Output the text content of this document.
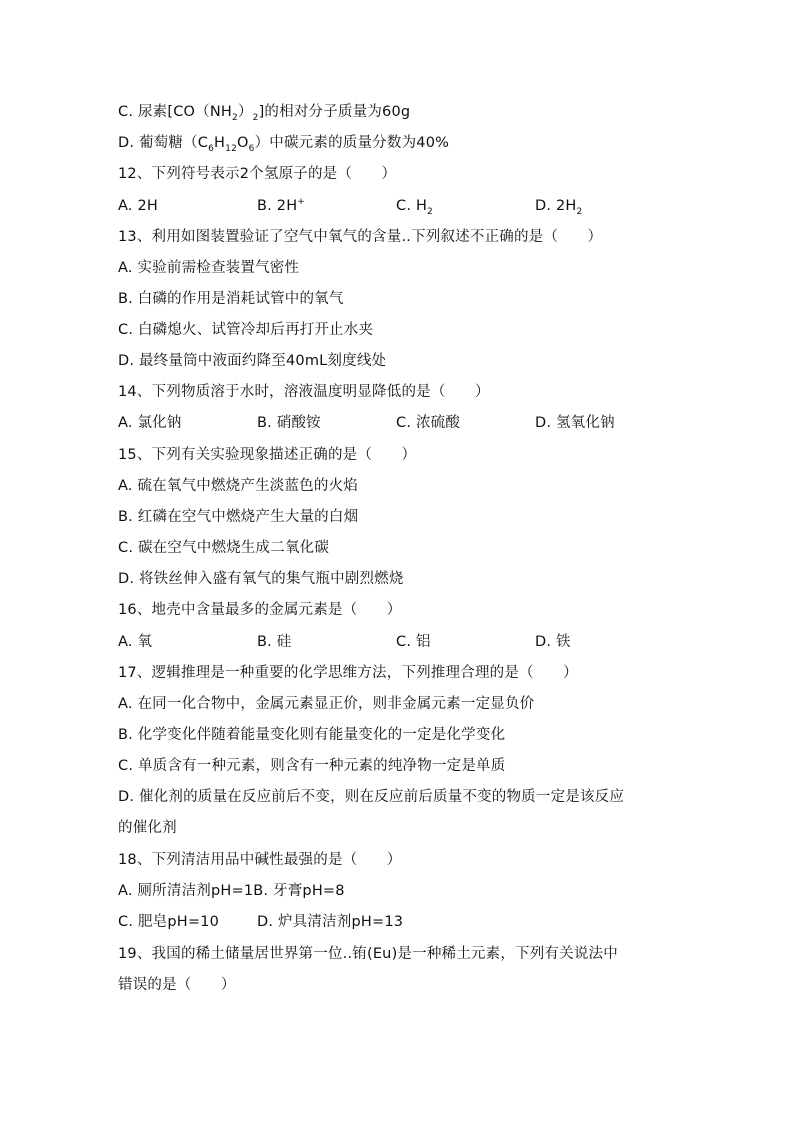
C. 尿素$[CO(NH_2)_2]$的相对分子质量为60g
D. 葡萄糖$(C_6H_{12}O_6)$中碳元素的质量分数为40%
12、下列符号表示2个氢原子的是（　　）
A. 2H	B. 2H+	C. $H_2$	D. $2H_2$
13、利用如图装置验证了空气中氧气的含量..下列叙述不正确的是（　　）
A. 实验前需检查装置气密性
B. 白磷的作用是消耗试管中的氧气
C. 白磷熄火、试管冷却后再打开止水夹
D. 最终量筒中液面约降至40mL刻度线处
14、下列物质溶于水时，溶液温度明显降低的是（　　）
A. 氯化钠	B. 硝酸铵	C. 浓硫酸	D. 氢氧化钠
15、下列有关实验现象描述正确的是（　　）
A. 硫在氧气中燃烧产生淡蓝色的火焰
B. 红磷在空气中燃烧产生大量的白烟
C. 碳在空气中燃烧生成二氧化碳
D. 将铁丝伸入盛有氧气的集气瓶中剧烈燃烧
16、地壳中含量最多的金属元素是（　　）
A. 氧	B. 硅	C. 铝	D. 铁
17、逻辑推理是一种重要的化学思维方法，下列推理合理的是（　　）
A. 在同一化合物中，金属元素显正价，则非金属元素一定显负价
B. 化学变化伴随着能量变化则有能量变化的一定是化学变化
C. 单质含有一种元素，则含有一种元素的纯净物一定是单质
D. 催化剂的质量在反应前后不变，则在反应前后质量不变的物质一定是该反应
的催化剂
18、下列清洁用品中碱性最强的是（　　）
A. 厕所清洁剂pH=1B. 牙膏pH=8
C. 肥皂pH=10	D. 炉具清洁剂pH=13
19、我国的稀土储量居世界第一位..铕(Eu)是一种稀土元素，下列有关说法中
错误的是（　　）
